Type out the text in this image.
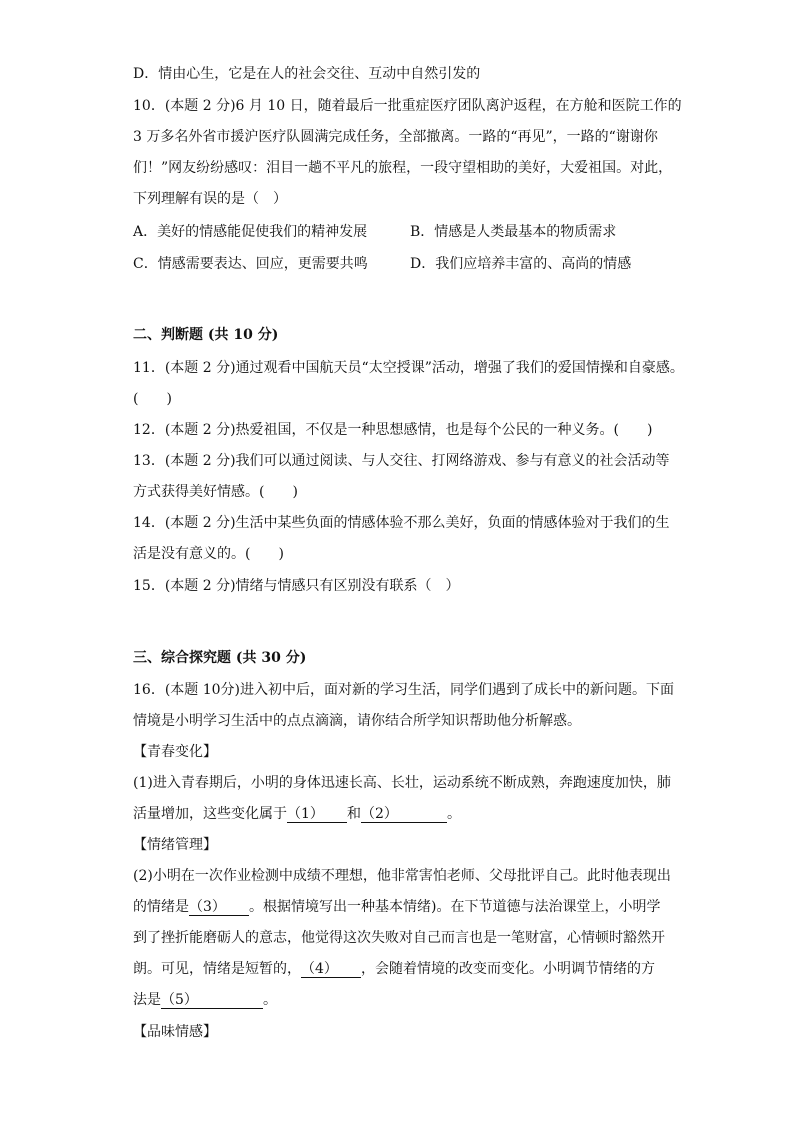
D．情由心生，它是在人的社会交往、互动中自然引发的
10．(本题 2 分)6 月 10 日，随着最后一批重症医疗团队离沪返程，在方舱和医院工作的
3 万多名外省市援沪医疗队圆满完成任务，全部撤离。一路的“再见”，一路的“谢谢你
们！”网友纷纷感叹：泪目一趟不平凡的旅程，一段守望相助的美好，大爱祖国。对此，
下列理解有误的是（　）
A．美好的情感能促使我们的精神发展	B．情感是人类最基本的物质需求
C．情感需要表达、回应，更需要共鸣	D．我们应培养丰富的、高尚的情感
二、判断题 (共 10 分)
11．(本题 2 分)通过观看中国航天员“太空授课”活动，增强了我们的爱国情操和自豪感。
(　　)
12．(本题 2 分)热爱祖国，不仅是一种思想感情，也是每个公民的一种义务。(　　)
13．(本题 2 分)我们可以通过阅读、与人交往、打网络游戏、参与有意义的社会活动等
方式获得美好情感。(　　)
14．(本题 2 分)生活中某些负面的情感体验不那么美好，负面的情感体验对于我们的生
活是没有意义的。(　　)
15．(本题 2 分)情绪与情感只有区别没有联系（　）
三、综合探究题 (共 30 分)
16．(本题 10分)进入初中后，面对新的学习生活，同学们遇到了成长中的新问题。下面
情境是小明学习生活中的点点滴滴，请你结合所学知识帮助他分析解惑。
【青春变化】
(1)进入青春期后，小明的身体迅速长高、长壮，运动系统不断成熟，奔跑速度加快，肺
活量增加，这些变化属于（1） 和（2）	。
【情绪管理】
(2)小明在一次作业检测中成绩不理想，他非常害怕老师、父母批评自己。此时他表现出
的情绪是（3） 。根据情境写出一种基本情绪)。在下节道德与法治课堂上，小明学
到了挫折能磨砺人的意志，他觉得这次失败对自己而言也是一笔财富，心情顿时豁然开
朗。可见，情绪是短暂的，（4） ，会随着情境的改变而变化。小明调节情绪的方
法是（5）	。
【品味情感】
